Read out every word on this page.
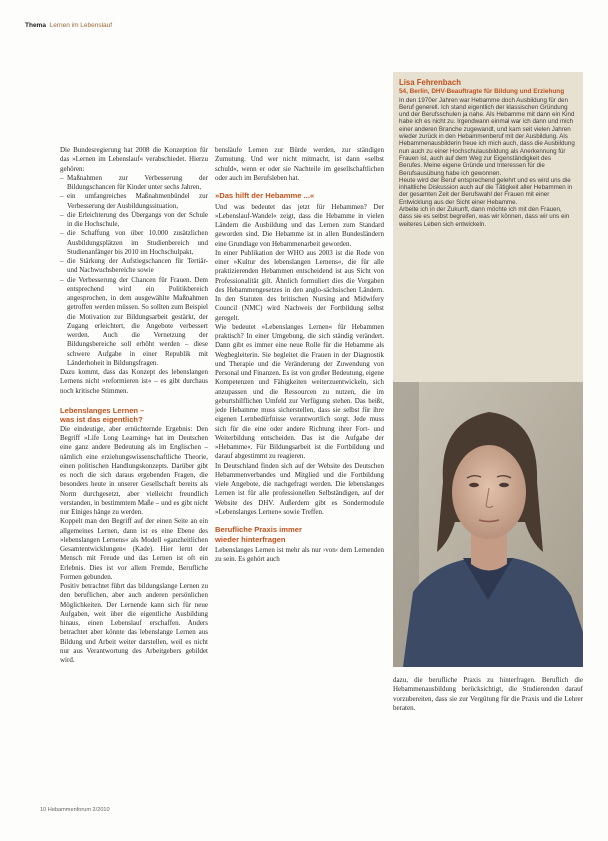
Thema Lernen im Lebenslauf

Die Bundesregierung hat 2008 die Konzeption für das »Lernen im Lebenslauf« verabschiedet. Hierzu gehören:

– Maßnahmen zur Verbesserung der Bildungschancen für Kinder unter sechs Jahren,
– ein umfangreiches Maßnahmenbündel zur Verbesserung der Ausbildungssituation,
– die Erleichterung des Übergangs von der Schule in die Hochschule,
– die Schaffung von über 10.000 zusätzlichen Ausbildungsplätzen im Studienbereich und Studienanfänger bis 2010 im Hochschulpakt,
– die Stärkung der Aufstiegschancen für Tertiär- und Nachwuchsbereiche sowie
– die Verbesserung der Chancen für Frauen. Dem entsprechend wird ein Politikbereich angesprochen, in dem ausgewählte Maßnahmen getroffen werden müssen. So sollten zum Beispiel die Motivation zur Bildungsarbeit gestärkt, der Zugang erleichtert, die Angebote verbessert werden. Auch die Vernetzung der Bildungsbereiche soll erhöht werden – diese schwere Aufgabe in einer Republik mit Länderhoheit in Bildungsfragen.

Dazu kommt, dass das Konzept des lebenslangen Lernens nicht »reformieren ist« – es gibt durchaus noch kritische Stimmen.

Lebenslanges Lernen –
was ist das eigentlich?

Die eindeutige, aber ernüchternde Ergebnis: Den Begriff »Life Long Learning« hat im Deutschen eine ganz andere Bedeutung als im Englischen – nämlich eine erziehungswissenschaftliche Theorie, einen politischen Handlungskonzepts. Darüber gibt es noch die sich daraus ergebenden Fragen, die besonders heute in unserer Gesellschaft bereits als Norm durchgesetzt, aber vielleicht freundlich verstanden, in bestimmtem Maße – und es gibt nicht nur Einiges hänge zu werden.

Koppelt man den Begriff auf der einen Seite an ein allgemeines Lernen, dann ist es eine Ebene des »lebenslangen Lernens« als Modell »ganzheitlichen Gesamtentwicklungen« (Kade). Hier lernt der Mensch mit Freude und das Lernen ist oft ein Erlebnis. Dies ist vor allem Fremde, Berufliche Formen gebunden.

Positiv betrachtet führt das bildungslange Lernen zu den beruflichen, aber auch anderen persönlichen Möglichkeiten. Der Lernende kann sich für neue Aufgaben, weit über die eigentliche Ausbildung hinaus, einen Lebenslauf erschaffen. Anders betrachtet aber könnte das lebenslange Lernen aus Bildung und Arbeit weiter darstellen, weil es nicht nur aus Verantwortung des Arbeitgebers gebildet wird.

bensläufe Lernen zur Bürde werden, zur ständigen Zumutung. Und wer nicht mitmacht, ist dann »selbst schuld«, wenn er oder sie Nachteile im gesellschaftlichen oder auch im Berufsleben hat.

»Das hilft der Hebamme ...«

Und was bedeutet das jetzt für Hebammen? Der »Lebenslauf-Wandel« zeigt, dass die Hebamme in vielen Ländern die Ausbildung und das Lernen zum Standard geworden sind. Die Hebamme ist in allen Bundesländern eine Grundlage von Hebammenarbeit geworden.

In einer Publikation der WHO aus 2003 ist die Rede von einer »Kultur des lebenslangen Lernens«, die für alle praktizierenden Hebammen entscheidend ist aus Sicht von Professionalität gilt. Ähnlich formuliert dies die Vorgaben des Hebammengesetzes in den anglo-sächsischen Ländern. In den Statuten des britischen Nursing and Midwifery Council (NMC) wird Nachweis der Fortbildung selbst geregelt.

Wie bedeutet »Lebenslanges Lernen« für Hebammen praktisch? In einer Umgebung, die sich ständig verändert. Dann gibt es immer eine neue Rolle für die Hebamme als Wegbegleiterin. Sie begleitet die Frauen in der Diagnostik und Therapie und die Veränderung der Zuwendung von Personal und Finanzen. Es ist von großer Bedeutung, eigene Kompetenzen und Fähigkeiten weiterzuentwickeln, sich anzupassen und die Ressourcen zu nutzen, die im geburtshilflichen Umfeld zur Verfügung stehen. Das heißt, jede Hebamme muss sicherstellen, dass sie selbst für ihre eigenen Lernbedürfnisse verantwortlich sorgt. Jede muss sich für die eine oder andere Richtung ihrer Fort- und Weiterbildung entscheiden. Das ist die Aufgabe der »Hebamme«. Für Bildungsarbeit ist die Fortbildung und darauf abgestimmt zu reagieren.

In Deutschland finden sich auf der Website des Deutschen Hebammenverbandes und Mitglied und die Fortbildung viele Angebote, die nachgefragt werden. Die lebenslanges Lernen ist für alle professionellen Selbständigen, auf der Website des DHV. Außerdem gibt es Sondermodule »Lebenslanges Lernen« sowie Treffen.

Berufliche Praxis immer
wieder hinterfragen

Lebenslanges Lernen ist mehr als nur ›von‹ dem Lernenden zu sein. Es gehört auch

Lisa Fehrenbach
54, Berlin, DHV-Beauftragte für Bildung und Erziehung

In den 1970er Jahren war Hebamme doch Ausbildung für den Beruf generell. Ich stand eigentlich der klassischen Gründung und der Berufsschulen ja nahe. Als Hebamme mit dann ein Kind habe ich es nicht zu. Irgendwann einmal war ich dann und mich einer anderen Branche zugewandt, und kam seit vielen Jahren wieder zurück in den Hebammenberuf mit der Ausbildung. Als Hebammenausbilderin freue ich mich auch, dass die Ausbildung nun auch zu einer Hochschulausbildung als Anerkennung für Frauen ist, auch auf dem Weg zur Eigenständigkeit des Berufes. Meine eigene Gründe und Interessen für die Berufsausübung habe ich gewonnen.

Heute wird der Beruf entsprechend gelehrt und es wird uns die inhaltliche Diskussion auch auf die Tätigkeit aller Hebammen in der gesamten Zeit der Berufswahl der Frauen mit einer Entwicklung aus der Sicht einer Hebamme.

Arbeite ich in der Zukunft, dann möchte ich mit den Frauen, dass sie es selbst begreifen, was wir können, dass wir uns ein weiteres Leben sich entwickeln.

dazu, die berufliche Praxis zu hinterfragen. Beruflich die Hebammenausbildung berücksichtigt, die Studierenden darauf vorzubereiten, dass sie zur Vergütung für die Praxis und die Lehrer beraten.

10 Hebammenforum 2/2010
